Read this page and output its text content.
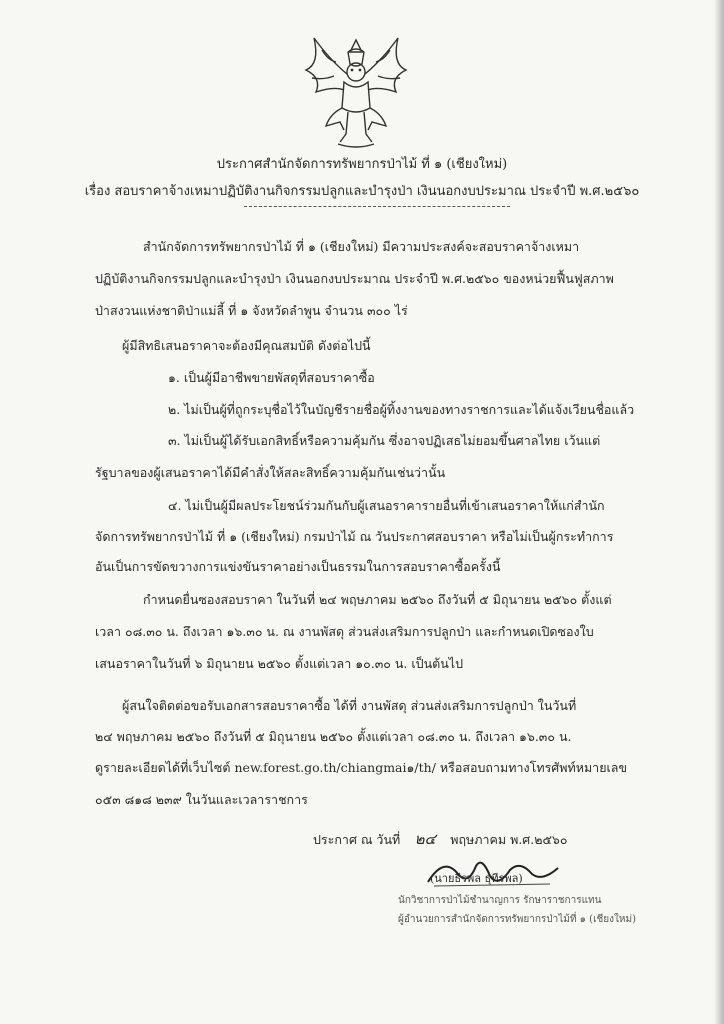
ประกาศสำนักจัดการทรัพยากรป่าไม้ ที่ ๑ (เชียงใหม่)
เรื่อง สอบราคาจ้างเหมาปฏิบัติงานกิจกรรมปลูกและบำรุงป่า เงินนอกงบประมาณ ประจำปี พ.ศ.๒๕๖๐
สำนักจัดการทรัพยากรป่าไม้ ที่ ๑ (เชียงใหม่) มีความประสงค์จะสอบราคาจ้างเหมา
ปฏิบัติงานกิจกรรมปลูกและบำรุงป่า เงินนอกงบประมาณ ประจำปี พ.ศ.๒๕๖๐ ของหน่วยฟื้นฟูสภาพ
ป่าสงวนแห่งชาติป่าแม่ลี้ ที่ ๑ จังหวัดลำพูน จำนวน ๓๐๐ ไร่
ผู้มีสิทธิเสนอราคาจะต้องมีคุณสมบัติ ดังต่อไปนี้
๑. เป็นผู้มีอาชีพขายพัสดุที่สอบราคาซื้อ
๒. ไม่เป็นผู้ที่ถูกระบุชื่อไว้ในบัญชีรายชื่อผู้ทิ้งงานของทางราชการและได้แจ้งเวียนชื่อแล้ว
๓. ไม่เป็นผู้ได้รับเอกสิทธิ์หรือความคุ้มกัน ซึ่งอาจปฏิเสธไม่ยอมขึ้นศาลไทย เว้นแต่
รัฐบาลของผู้เสนอราคาได้มีคำสั่งให้สละสิทธิ์ความคุ้มกันเช่นว่านั้น
๔. ไม่เป็นผู้มีผลประโยชน์ร่วมกันกับผู้เสนอราคารายอื่นที่เข้าเสนอราคาให้แก่สำนัก
จัดการทรัพยากรป่าไม้ ที่ ๑ (เชียงใหม่) กรมป่าไม้ ณ วันประกาศสอบราคา หรือไม่เป็นผู้กระทำการ
อันเป็นการขัดขวางการแข่งขันราคาอย่างเป็นธรรมในการสอบราคาซื้อครั้งนี้
กำหนดยื่นซองสอบราคา ในวันที่ ๒๔ พฤษภาคม ๒๕๖๐ ถึงวันที่ ๕ มิถุนายน ๒๕๖๐ ตั้งแต่
เวลา ๐๘.๓๐ น. ถึงเวลา ๑๖.๓๐ น. ณ งานพัสดุ ส่วนส่งเสริมการปลูกป่า และกำหนดเปิดซองใบ
เสนอราคาในวันที่ ๖ มิถุนายน ๒๕๖๐ ตั้งแต่เวลา ๑๐.๓๐ น. เป็นต้นไป
ผู้สนใจติดต่อขอรับเอกสารสอบราคาซื้อ ได้ที่ งานพัสดุ ส่วนส่งเสริมการปลูกป่า ในวันที่
๒๔ พฤษภาคม ๒๕๖๐ ถึงวันที่ ๕ มิถุนายน ๒๕๖๐ ตั้งแต่เวลา ๐๘.๓๐ น. ถึงเวลา ๑๖.๓๐ น.
ดูรายละเอียดได้ที่เว็บไซต์ new.forest.go.th/chiangmai๑/th/ หรือสอบถามทางโทรศัพท์หมายเลข
๐๕๓ ๘๑๘ ๒๓๙ ในวันและเวลาราชการ
ประกาศ ณ วันที่ ๒๔ พฤษภาคม พ.ศ.๒๕๖๐
(นายธีรพล ธุทีรพล)
นักวิชาการป่าไม้ชำนาญการ รักษาราชการแทน
ผู้อำนวยการสำนักจัดการทรัพยากรป่าไม้ที่ ๑ (เชียงใหม่)
